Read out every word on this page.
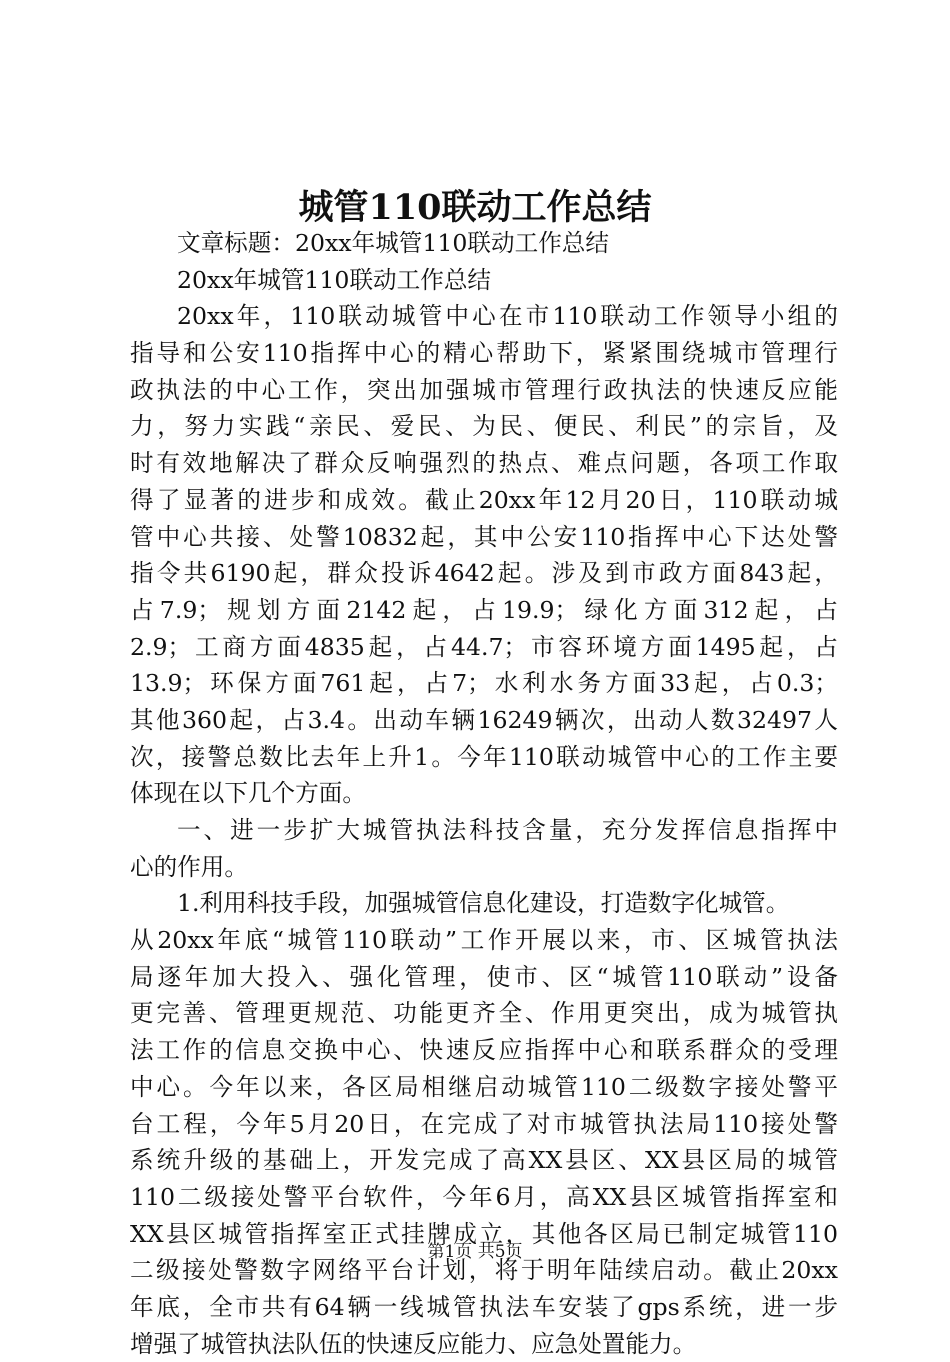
城管110联动工作总结
文章标题：20xx年城管110联动工作总结
20xx年城管110联动工作总结
20xx年，110联动城管中心在市110联动工作领导小组的
指导和公安110指挥中心的精心帮助下，紧紧围绕城市管理行
政执法的中心工作，突出加强城市管理行政执法的快速反应能
力，努力实践“亲民、爱民、为民、便民、利民”的宗旨，及
时有效地解决了群众反响强烈的热点、难点问题，各项工作取
得了显著的进步和成效。截止20xx年12月20日，110联动城
管中心共接、处警10832起，其中公安110指挥中心下达处警
指令共6190起，群众投诉4642起。涉及到市政方面843起，
占7.9；规划方面2142起，占19.9；绿化方面312起，占
2.9；工商方面4835起，占44.7；市容环境方面1495起，占
13.9；环保方面761起，占7；水利水务方面33起，占0.3；
其他360起，占3.4。出动车辆16249辆次，出动人数32497人
次，接警总数比去年上升1。今年110联动城管中心的工作主要
体现在以下几个方面。
一、进一步扩大城管执法科技含量，充分发挥信息指挥中
心的作用。
1.利用科技手段，加强城管信息化建设，打造数字化城管。
从20xx年底“城管110联动”工作开展以来，市、区城管执法
局逐年加大投入、强化管理，使市、区“城管110联动”设备
更完善、管理更规范、功能更齐全、作用更突出，成为城管执
法工作的信息交换中心、快速反应指挥中心和联系群众的受理
中心。今年以来，各区局相继启动城管110二级数字接处警平
台工程，今年5月20日，在完成了对市城管执法局110接处警
系统升级的基础上，开发完成了高XX县区、XX县区局的城管
110二级接处警平台软件，今年6月，高XX县区城管指挥室和
XX县区城管指挥室正式挂牌成立，其他各区局已制定城管110
二级接处警数字网络平台计划，将于明年陆续启动。截止20xx
年底，全市共有64辆一线城管执法车安装了gps系统，进一步
增强了城管执法队伍的快速反应能力、应急处置能力。
第1页 共5页
